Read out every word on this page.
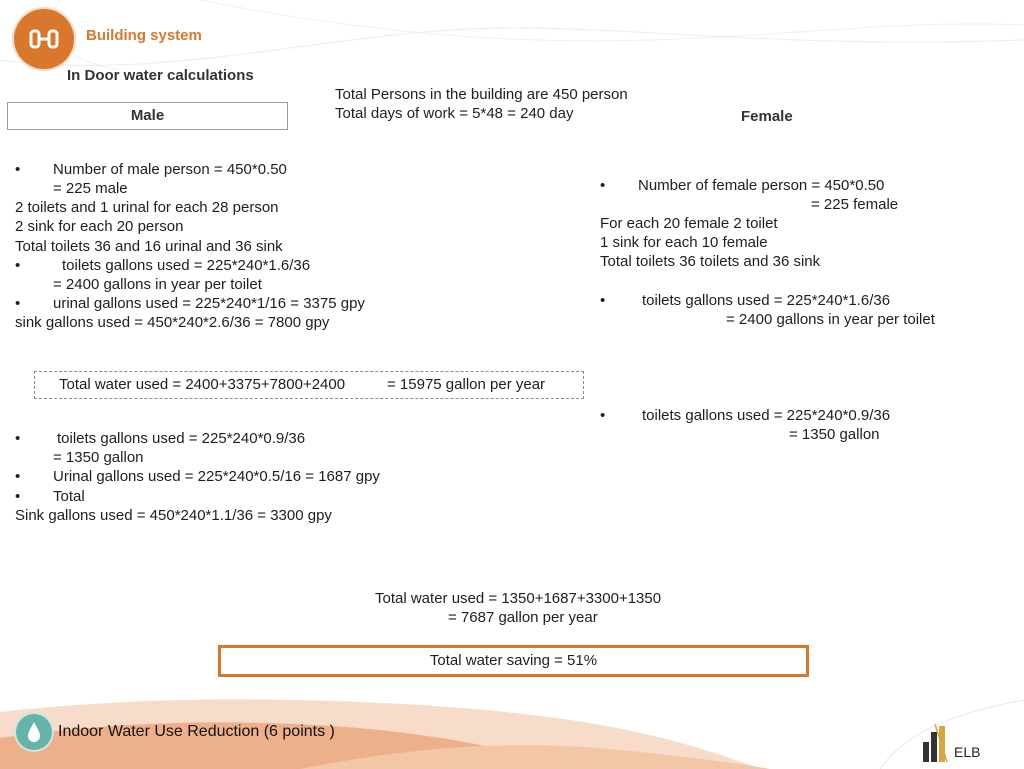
Building system
In Door water calculations
Total Persons in the building are 450 person
Total days of work = 5*48 = 240 day
Male
• Number of male person = 450*0.50
= 225 male
2 toilets and 1 urinal for each 28 person
2 sink for each 20 person
Total toilets 36 and 16 urinal and 36 sink
•	toilets gallons used = 225*240*1.6/36
= 2400 gallons in year per toilet
• urinal gallons used = 225*240*1/16 = 3375 gpy
sink gallons used = 450*240*2.6/36 = 7800 gpy
Total water used = 2400+3375+7800+2400	= 15975 gallon per year
• toilets gallons used = 225*240*0.9/36
= 1350 gallon
• Urinal gallons used = 225*240*0.5/16 = 1687 gpy
• Total
Sink gallons used = 450*240*1.1/36 = 3300 gpy
Female
• Number of female person = 450*0.50
= 225 female
For each 20 female 2 toilet
1 sink for each 10 female
Total toilets 36 toilets and 36 sink
• toilets gallons used = 225*240*1.6/36
= 2400 gallons in year per toilet
• toilets gallons used = 225*240*0.9/36
= 1350 gallon
Total water used = 1350+1687+3300+1350
= 7687 gallon per year
Total water saving = 51%
Indoor Water Use Reduction (6 points )
ELB
